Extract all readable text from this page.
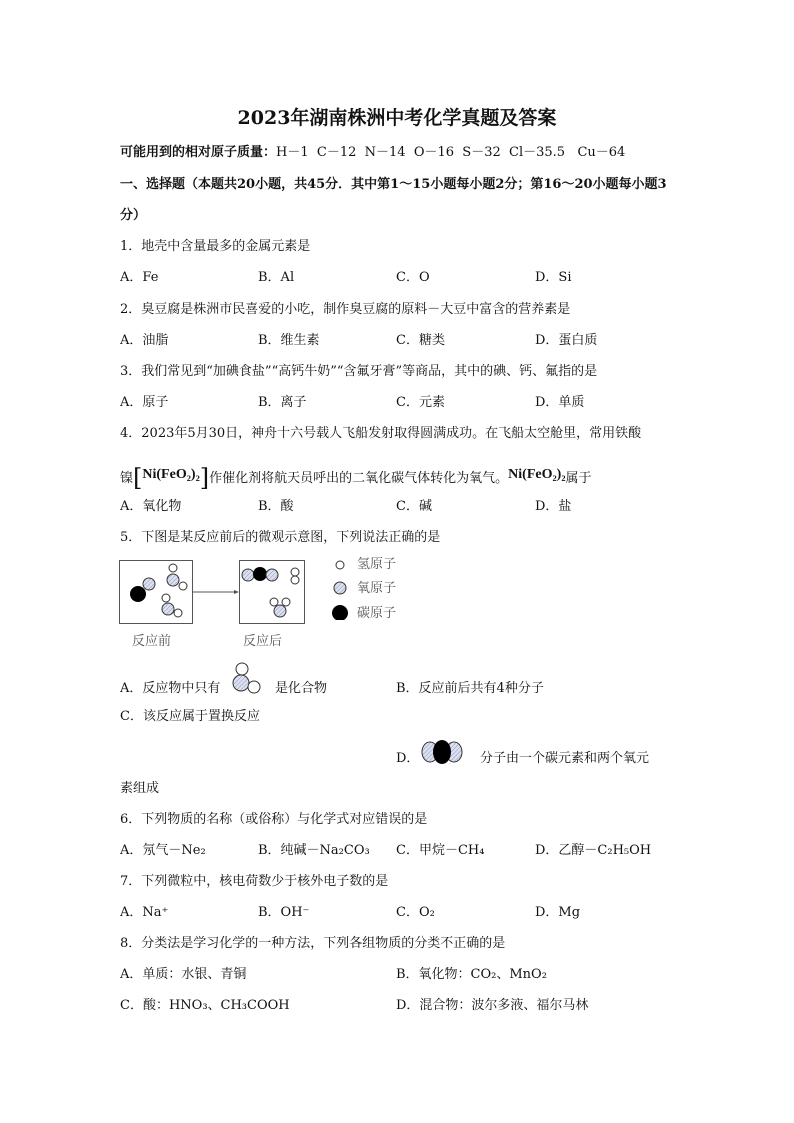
2023年湖南株洲中考化学真题及答案
可能用到的相对原子质量：H－1  C－12  N－14  O－16  S－32  Cl－35.5   Cu－64
一、选择题（本题共20小题，共45分．其中第1～15小题每小题2分；第16～20小题每小题3
分）
1．地壳中含量最多的金属元素是
A．Fe	B．Al	C．O	D．Si
2．臭豆腐是株洲市民喜爱的小吃，制作臭豆腐的原料－大豆中富含的营养素是
A．油脂	B．维生素	C．糖类	D．蛋白质
3．我们常见到“加碘食盐”“高钙牛奶”“含氟牙膏”等商品，其中的碘、钙、氟指的是
A．原子	B．离子	C．元素	D．单质
4．2023年5月30日，神舟十六号载人飞船发射取得圆满成功。在飞船太空舱里，常用铁酸
镍[Ni(FeO₂)₂]作催化剂将航天员呼出的二氧化碳气体转化为氧气。Ni(FeO₂)₂属于
A．氧化物	B．酸	C．碱	D．盐
5．下图是某反应前后的微观示意图，下列说法正确的是
氢原子
氧原子
碳原子
反应前	反应后
A．反应物中只有	是化合物	B．反应前后共有4种分子
C．该反应属于置换反应
D．	分子由一个碳元素和两个氧元
素组成
6．下列物质的名称（或俗称）与化学式对应错误的是
A．氖气－Ne₂	B．纯碱－Na₂CO₃ C．甲烷－CH₄	D．乙醇－C₂H₅OH
7．下列微粒中，核电荷数少于核外电子数的是
A．Na⁺	B．OH⁻	C．O₂	D．Mg
8．分类法是学习化学的一种方法，下列各组物质的分类不正确的是
A．单质：水银、青铜	B．氧化物：CO₂、MnO₂
C．酸：HNO₃、CH₃COOH	D．混合物：波尔多液、福尔马林
